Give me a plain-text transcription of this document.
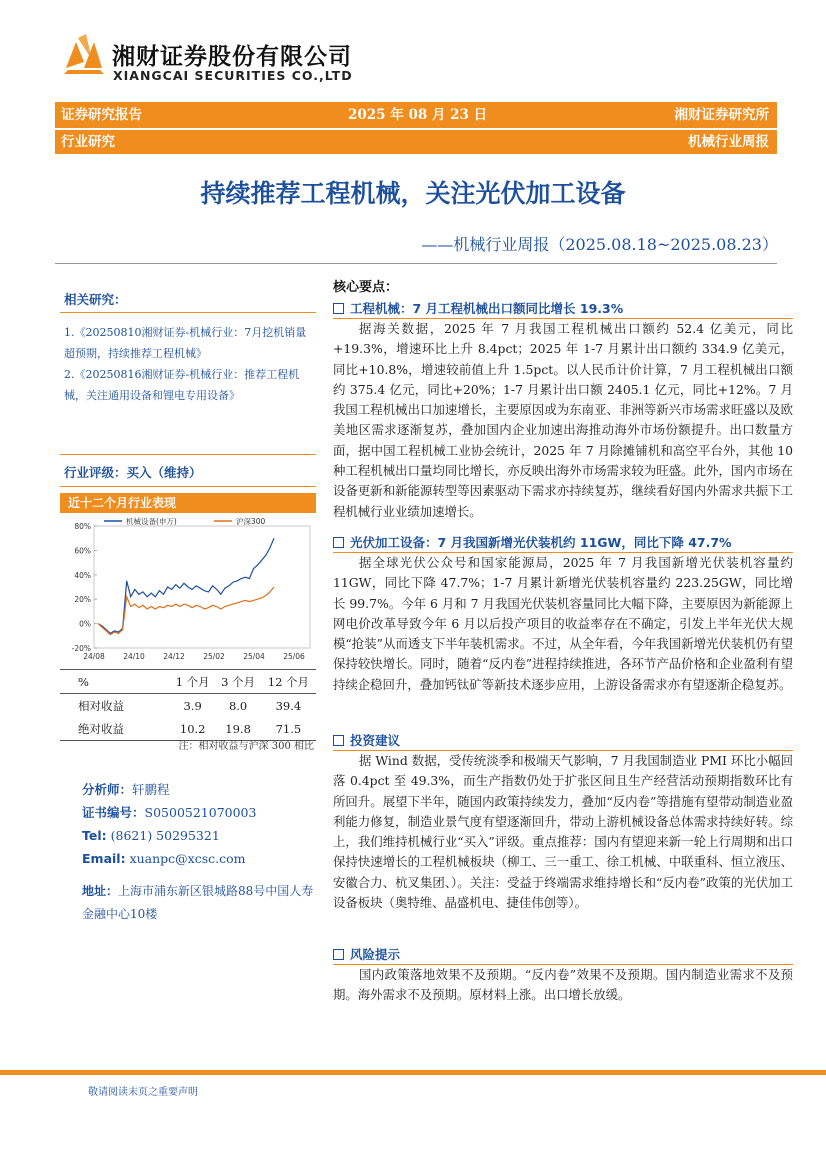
湘财证券股份有限公司
XIANGCAI SECURITIES CO.,LTD
证券研究报告	2025 年 08 月 23 日	湘财证券研究所
行业研究	机械行业周报
持续推荐工程机械，关注光伏加工设备
——机械行业周报（2025.08.18~2025.08.23）
相关研究：

1.《20250810湘财证券-机械行业：7月挖机销量超预期，持续推荐工程机械》

2.《20250816湘财证券-机械行业：推荐工程机械，关注通用设备和锂电专用设备》

行业评级：买入（维持）
近十二个月行业表现
80%
60%
40%
20%
0%
-20%
24/08 24/10 24/12 25/02 25/04 25/06
机械设备(申万)	沪深300
%	1 个月	3 个月	12 个月
相对收益	3.9	8.0	39.4
绝对收益	10.2	19.8	71.5
注：相对收益与沪深 300 相比
分析师：轩鹏程
证书编号：S0500521070003
Tel: (8621) 50295321
Email: xuanpc@xcsc.com
地址：上海市浦东新区银城路88号中国人寿金融中心10楼
核心要点：
工程机械：7 月工程机械出口额同比增长 19.3%

据海关数据，2025 年 7 月我国工程机械出口额约 52.4 亿美元，同比+19.3%，增速环比上升 8.4pct；2025 年 1-7 月累计出口额约 334.9 亿美元，同比+10.8%，增速较前值上升 1.5pct。以人民币计价计算，7 月工程机械出口额约 375.4 亿元，同比+20%；1-7 月累计出口额 2405.1 亿元，同比+12%。7 月我国工程机械出口加速增长，主要原因或为东南亚、非洲等新兴市场需求旺盛以及欧美地区需求逐渐复苏，叠加国内企业加速出海推动海外市场份额提升。出口数量方面，据中国工程机械工业协会统计，2025 年 7 月除摊铺机和高空平台外，其他 10 种工程机械出口量均同比增长，亦反映出海外市场需求较为旺盛。此外，国内市场在设备更新和新能源转型等因素驱动下需求亦持续复苏，继续看好国内外需求共振下工程机械行业业绩加速增长。

光伏加工设备：7 月我国新增光伏装机约 11GW，同比下降 47.7%

据全球光伏公众号和国家能源局，2025 年 7 月我国新增光伏装机容量约 11GW，同比下降 47.7%；1-7 月累计新增光伏装机容量约 223.25GW，同比增长 99.7%。今年 6 月和 7 月我国光伏装机容量同比大幅下降，主要原因为新能源上网电价改革导致今年 6 月以后投产项目的收益率存在不确定，引发上半年光伏大规模“抢装”从而透支下半年装机需求。不过，从全年看，今年我国新增光伏装机仍有望保持较快增长。同时，随着“反内卷”进程持续推进，各环节产品价格和企业盈利有望持续企稳回升，叠加钙钛矿等新技术逐步应用，上游设备需求亦有望逐渐企稳复苏。

投资建议

据 Wind 数据，受传统淡季和极端天气影响，7 月我国制造业 PMI 环比小幅回落 0.4pct 至 49.3%，而生产指数仍处于扩张区间且生产经营活动预期指数环比有所回升。展望下半年，随国内政策持续发力，叠加“反内卷”等措施有望带动制造业盈利能力修复，制造业景气度有望逐渐回升，带动上游机械设备总体需求持续好转。综上，我们维持机械行业“买入”评级。重点推荐：国内有望迎来新一轮上行周期和出口保持快速增长的工程机械板块（柳工、三一重工、徐工机械、中联重科、恒立液压、安徽合力、杭叉集团、）。关注：受益于终端需求维持增长和“反内卷”政策的光伏加工设备板块（奥特维、晶盛机电、捷佳伟创等）。

风险提示

国内政策落地效果不及预期。“反内卷”效果不及预期。国内制造业需求不及预期。海外需求不及预期。原材料上涨。出口增长放缓。

敬请阅读末页之重要声明
